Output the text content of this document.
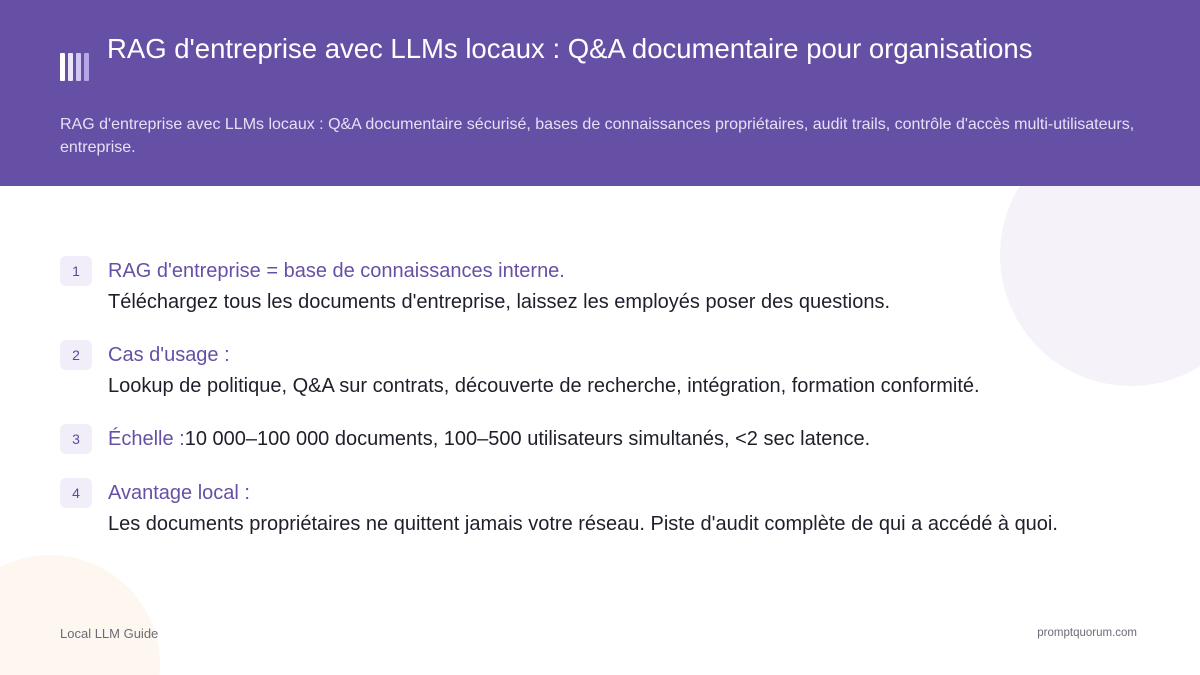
RAG d'entreprise avec LLMs locaux : Q&A documentaire pour organisations

RAG d'entreprise avec LLMs locaux : Q&A documentaire sécurisé, bases de connaissances propriétaires, audit trails, contrôle d'accès multi-utilisateurs, entreprise.

1	RAG d'entreprise = base de connaissances interne.
Téléchargez tous les documents d'entreprise, laissez les employés poser des questions.
2	Cas d'usage :
Lookup de politique, Q&A sur contrats, découverte de recherche, intégration, formation conformité.
3	Échelle :10 000–100 000 documents, 100–500 utilisateurs simultanés, <2 sec latence.
4	Avantage local :
Les documents propriétaires ne quittent jamais votre réseau. Piste d'audit complète de qui a accédé à quoi.
Local LLM Guide	promptquorum.com
